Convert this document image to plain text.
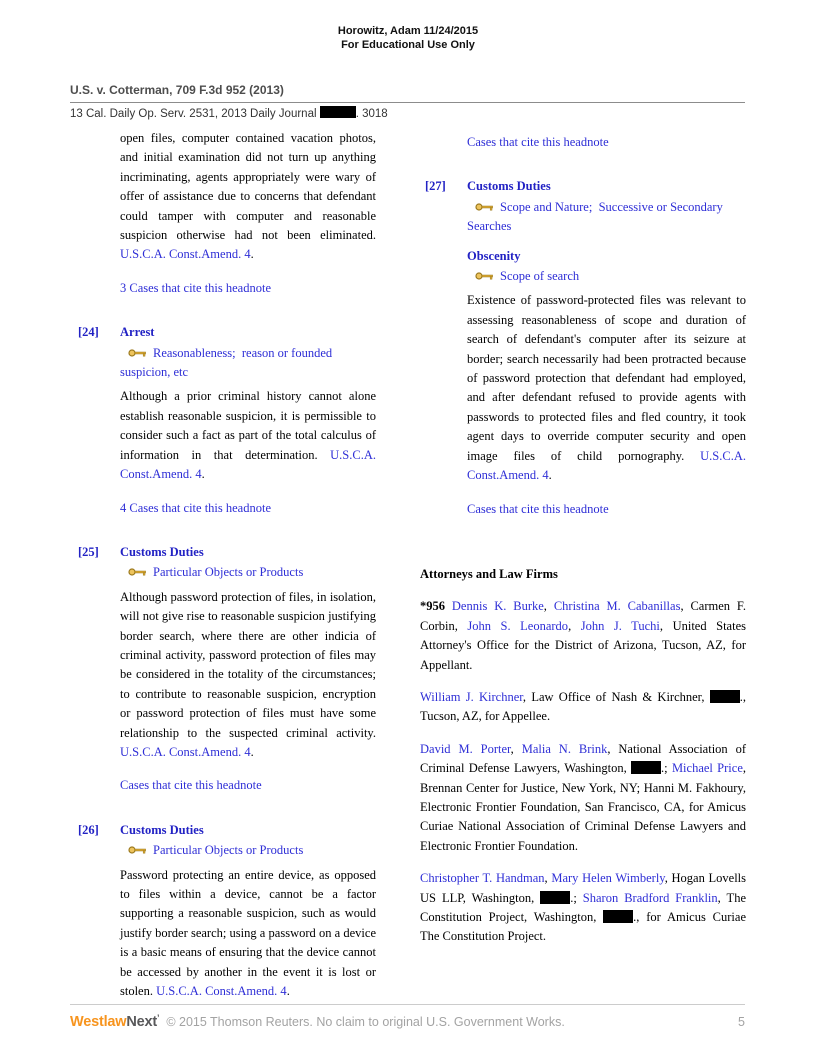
Horowitz, Adam 11/24/2015
For Educational Use Only
U.S. v. Cotterman, 709 F.3d 952 (2013)
13 Cal. Daily Op. Serv. 2531, 2013 Daily Journal	. 3018
open files, computer contained vacation photos, and initial examination did not turn up anything incriminating, agents appropriately were wary of offer of assistance due to concerns that defendant could tamper with computer and reasonable suspicion otherwise had not been eliminated. U.S.C.A. Const.Amend. 4.
3 Cases that cite this headnote
[24]	Arrest
Reasonableness;  reason or founded suspicion, etc
Although a prior criminal history cannot alone establish reasonable suspicion, it is permissible to consider such a fact as part of the total calculus of information in that determination. U.S.C.A. Const.Amend. 4.
4 Cases that cite this headnote
[25]	Customs Duties
Particular Objects or Products
Although password protection of files, in isolation, will not give rise to reasonable suspicion justifying border search, where there are other indicia of criminal activity, password protection of files may be considered in the totality of the circumstances; to contribute to reasonable suspicion, encryption or password protection of files must have some relationship to the suspected criminal activity. U.S.C.A. Const.Amend. 4.
Cases that cite this headnote
[26]	Customs Duties
Particular Objects or Products
Password protecting an entire device, as opposed to files within a device, cannot be a factor supporting a reasonable suspicion, such as would justify border search; using a password on a device is a basic means of ensuring that the device cannot be accessed by another in the event it is lost or stolen. U.S.C.A. Const.Amend. 4.
Cases that cite this headnote
[27]	Customs Duties
Scope and Nature;  Successive or Secondary Searches
Obscenity
Scope of search
Existence of password-protected files was relevant to assessing reasonableness of scope and duration of search of defendant's computer after its seizure at border; search necessarily had been protracted because of password protection that defendant had employed, and after defendant refused to provide agents with passwords to protected files and fled country, it took agent days to override computer security and open image files of child pornography. U.S.C.A. Const.Amend. 4.
Cases that cite this headnote
Attorneys and Law Firms
*956 Dennis K. Burke, Christina M. Cabanillas, Carmen F. Corbin, John S. Leonardo, John J. Tuchi, United States Attorney's Office for the District of Arizona, Tucson, AZ, for Appellant.
William J. Kirchner, Law Office of Nash & Kirchner, ., Tucson, AZ, for Appellee.
David M. Porter, Malia N. Brink, National Association of Criminal Defense Lawyers, Washington, .; Michael Price, Brennan Center for Justice, New York, NY; Hanni M. Fakhoury, Electronic Frontier Foundation, San Francisco, CA, for Amicus Curiae National Association of Criminal Defense Lawyers and Electronic Frontier Foundation.
Christopher T. Handman, Mary Helen Wimberly, Hogan Lovells US LLP, Washington, .; Sharon Bradford Franklin, The Constitution Project, Washington, ., for Amicus Curiae The Constitution Project.
WestlawNext’ © 2015 Thomson Reuters. No claim to original U.S. Government Works.	5
